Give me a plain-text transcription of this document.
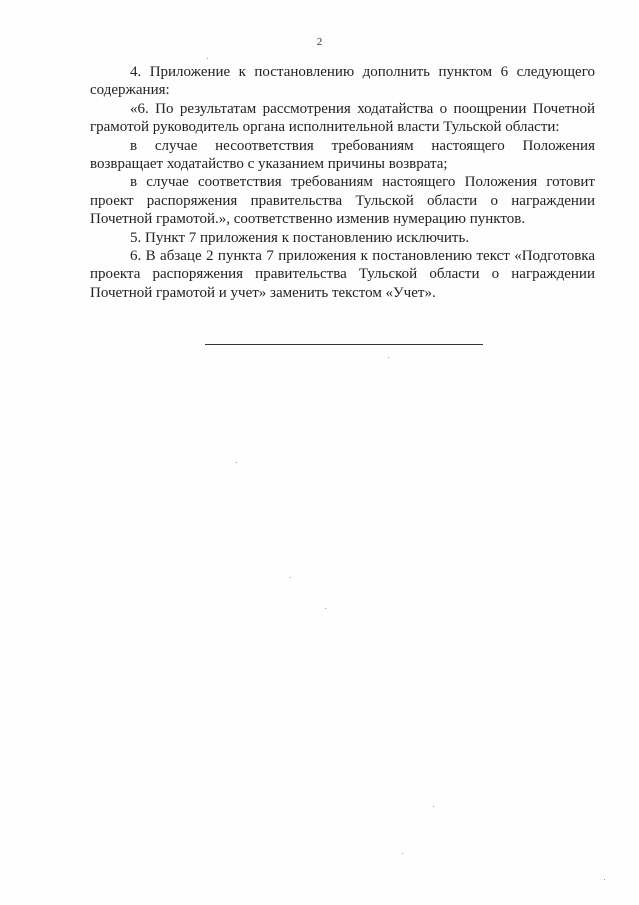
2

4. Приложение к постановлению дополнить пунктом 6 следующего содержания:

«6. По результатам рассмотрения ходатайства о поощрении Почетной грамотой руководитель органа исполнительной власти Тульской области:

в случае несоответствия требованиям настоящего Положения возвращает ходатайство с указанием причины возврата;

в случае соответствия требованиям настоящего Положения готовит проект распоряжения правительства Тульской области о награждении Почетной грамотой.», соответственно изменив нумерацию пунктов.

5. Пункт 7 приложения к постановлению исключить.

6. В абзаце 2 пункта 7 приложения к постановлению текст «Подготовка проекта распоряжения правительства Тульской области о награждении Почетной грамотой и учет» заменить текстом «Учет».
